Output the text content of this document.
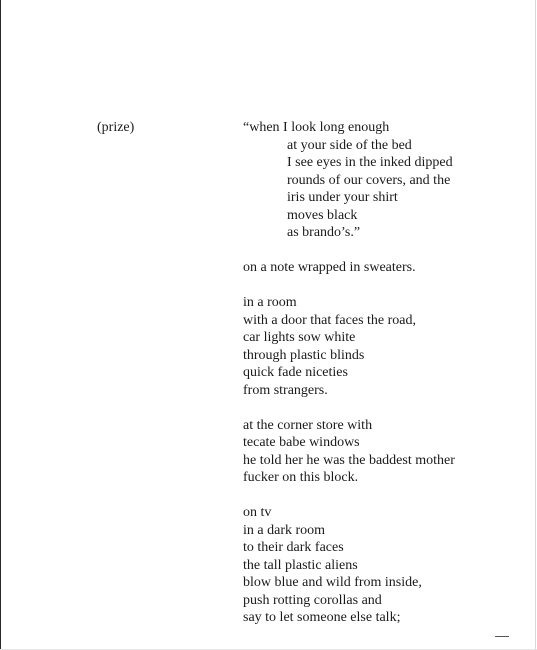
(prize)	“when I look long enough
at your side of the bed
I see eyes in the inked dipped
rounds of our covers, and the
iris under your shirt
moves black
as brando’s.”
on a note wrapped in sweaters.
in a room
with a door that faces the road,
car lights sow white
through plastic blinds
quick fade niceties
from strangers.
at the corner store with
tecate babe windows
he told her he was the baddest mother
fucker on this block.
on tv
in a dark room
to their dark faces
the tall plastic aliens
blow blue and wild from inside,
push rotting corollas and
say to let someone else talk;
